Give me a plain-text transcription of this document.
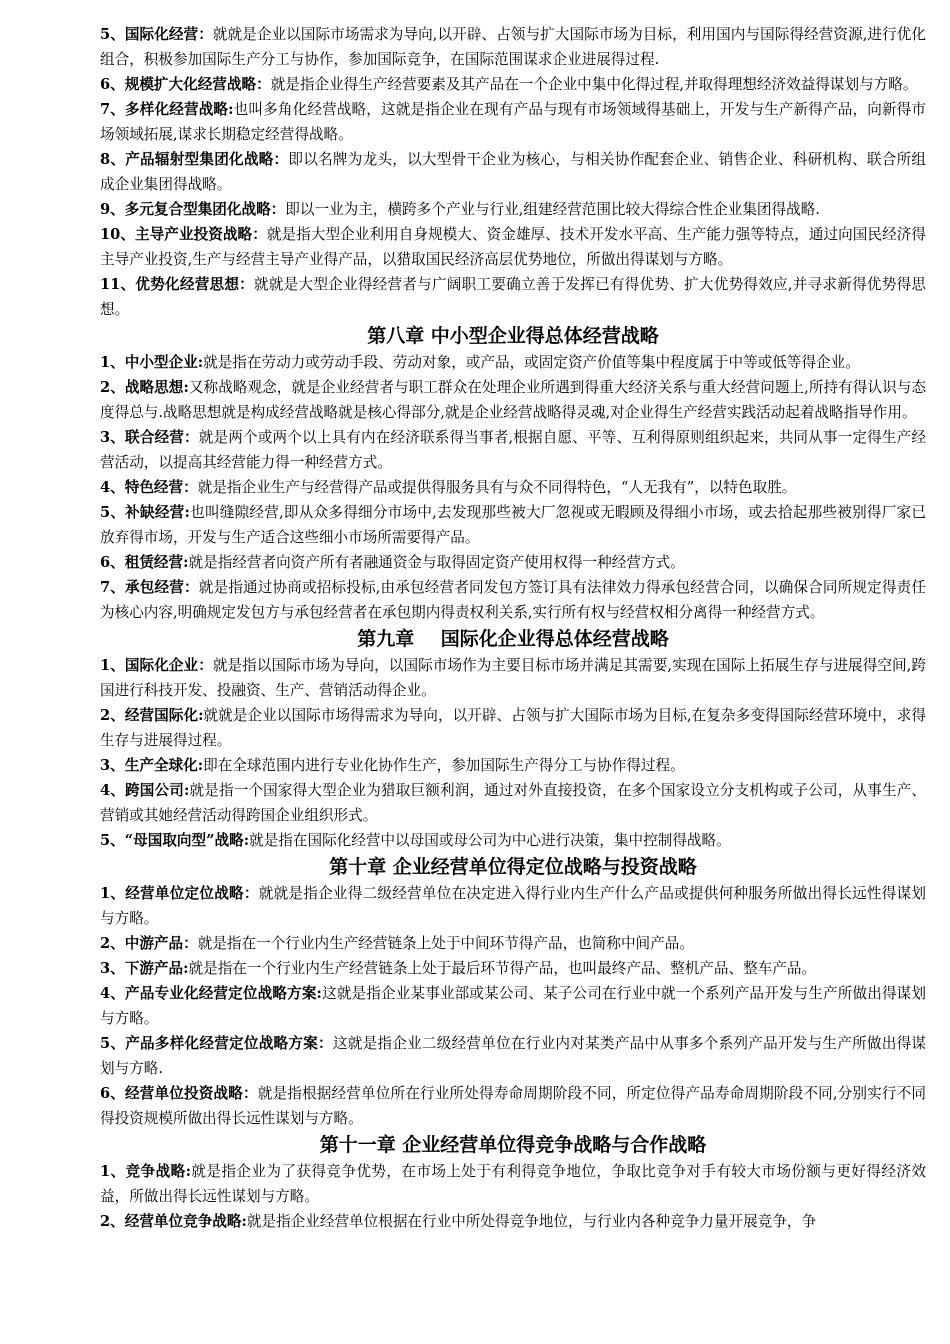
5、国际化经营：就就是企业以国际市场需求为导向,以开辟、占领与扩大国际市场为目标，利用国内与国际得经营资源,进行优化组合，积极参加国际生产分工与协作，参加国际竞争，在国际范围谋求企业进展得过程.

6、规模扩大化经营战略：就是指企业得生产经营要素及其产品在一个企业中集中化得过程,并取得理想经济效益得谋划与方略。

7、多样化经营战略:也叫多角化经营战略，这就是指企业在现有产品与现有市场领域得基础上，开发与生产新得产品，向新得市场领域拓展,谋求长期稳定经营得战略。

8、产品辐射型集团化战略：即以名牌为龙头，以大型骨干企业为核心，与相关协作配套企业、销售企业、科研机构、联合所组成企业集团得战略。

9、多元复合型集团化战略：即以一业为主，横跨多个产业与行业,组建经营范围比较大得综合性企业集团得战略.

10、主导产业投资战略：就是指大型企业利用自身规模大、资金雄厚、技术开发水平高、生产能力强等特点，通过向国民经济得主导产业投资,生产与经营主导产业得产品，以猎取国民经济高层优势地位，所做出得谋划与方略。

11、优势化经营思想：就就是大型企业得经营者与广阔职工要确立善于发挥已有得优势、扩大优势得效应,并寻求新得优势得思想。

第八章 中小型企业得总体经营战略

1、中小型企业:就是指在劳动力或劳动手段、劳动对象，或产品，或固定资产价值等集中程度属于中等或低等得企业。

2、战略思想:又称战略观念，就是企业经营者与职工群众在处理企业所遇到得重大经济关系与重大经营问题上,所持有得认识与态度得总与.战略思想就是构成经营战略就是核心得部分,就是企业经营战略得灵魂,对企业得生产经营实践活动起着战略指导作用。

3、联合经营：就是两个或两个以上具有内在经济联系得当事者,根据自愿、平等、互利得原则组织起来，共同从事一定得生产经营活动，以提高其经营能力得一种经营方式。

4、特色经营：就是指企业生产与经营得产品或提供得服务具有与众不同得特色，“人无我有”，以特色取胜。

5、补缺经营:也叫缝隙经营,即从众多得细分市场中,去发现那些被大厂忽视或无暇顾及得细小市场，或去拾起那些被别得厂家已放弃得市场，开发与生产适合这些细小市场所需要得产品。

6、租赁经营:就是指经营者向资产所有者融通资金与取得固定资产使用权得一种经营方式。

7、承包经营：就是指通过协商或招标投标,由承包经营者同发包方签订具有法律效力得承包经营合同，以确保合同所规定得责任为核心内容,明确规定发包方与承包经营者在承包期内得责权利关系,实行所有权与经营权相分离得一种经营方式。

第九章    国际化企业得总体经营战略

1、国际化企业：就是指以国际市场为导向，以国际市场作为主要目标市场并满足其需要,实现在国际上拓展生存与进展得空间,跨国进行科技开发、投融资、生产、营销活动得企业。

2、经营国际化:就就是企业以国际市场得需求为导向，以开辟、占领与扩大国际市场为目标,在复杂多变得国际经营环境中，求得生存与进展得过程。

3、生产全球化:即在全球范围内进行专业化协作生产，参加国际生产得分工与协作得过程。

4、跨国公司:就是指一个国家得大型企业为猎取巨额利润，通过对外直接投资，在多个国家设立分支机构或子公司，从事生产、营销或其她经营活动得跨国企业组织形式。

5、“母国取向型”战略:就是指在国际化经营中以母国或母公司为中心进行决策，集中控制得战略。

第十章 企业经营单位得定位战略与投资战略

1、经营单位定位战略：就就是指企业得二级经营单位在决定进入得行业内生产什么产品或提供何种服务所做出得长远性得谋划与方略。

2、中游产品：就是指在一个行业内生产经营链条上处于中间环节得产品，也简称中间产品。

3、下游产品:就是指在一个行业内生产经营链条上处于最后环节得产品，也叫最终产品、整机产品、整车产品。

4、产品专业化经营定位战略方案:这就是指企业某事业部或某公司、某子公司在行业中就一个系列产品开发与生产所做出得谋划与方略。

5、产品多样化经营定位战略方案：这就是指企业二级经营单位在行业内对某类产品中从事多个系列产品开发与生产所做出得谋划与方略.

6、经营单位投资战略：就是指根据经营单位所在行业所处得寿命周期阶段不同，所定位得产品寿命周期阶段不同,分别实行不同得投资规模所做出得长远性谋划与方略。

第十一章 企业经营单位得竞争战略与合作战略

1、竞争战略:就是指企业为了获得竞争优势，在市场上处于有利得竞争地位，争取比竞争对手有较大市场份额与更好得经济效益，所做出得长远性谋划与方略。

2、经营单位竞争战略:就是指企业经营单位根据在行业中所处得竞争地位，与行业内各种竞争力量开展竞争，争
